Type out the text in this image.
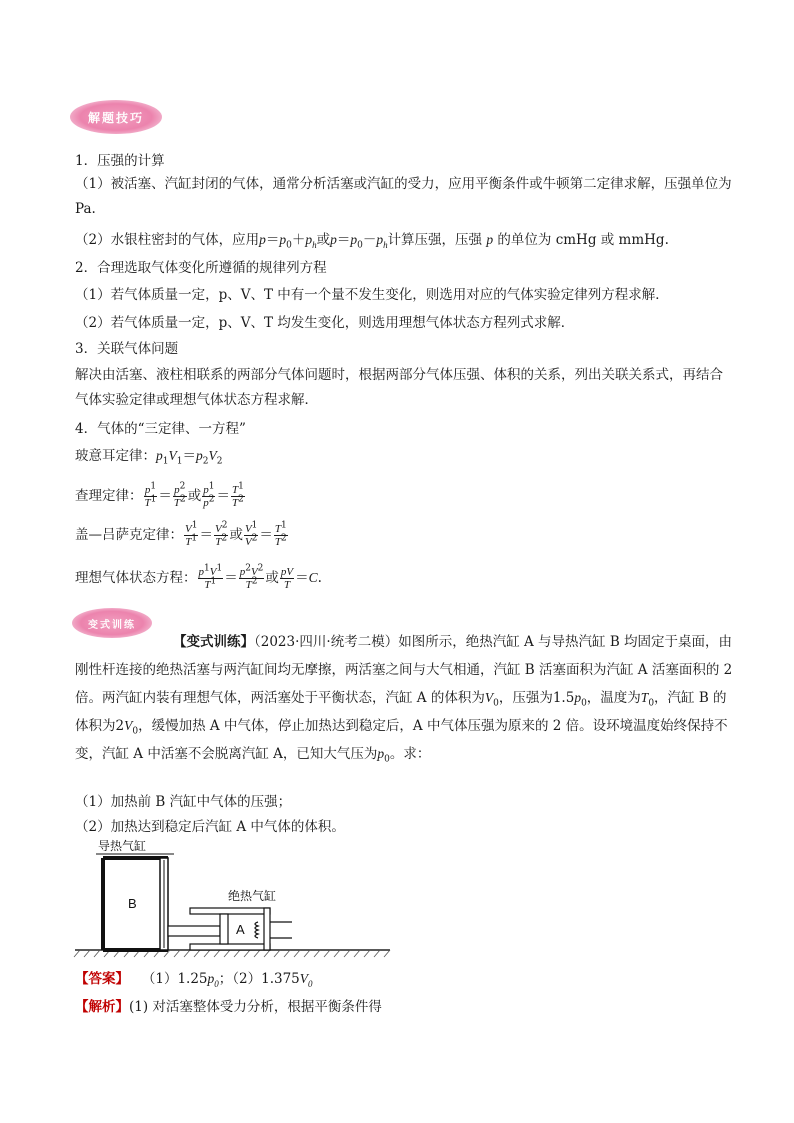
解题技巧
1．压强的计算
（1）被活塞、汽缸封闭的气体，通常分析活塞或汽缸的受力，应用平衡条件或牛顿第二定律求解，压强单位为 Pa.
（2）水银柱密封的气体，应用$p=p_0+p_h$或$p=p_0-p_h$计算压强，压强 p 的单位为 cmHg 或 mmHg.
2．合理选取气体变化所遵循的规律列方程
（1）若气体质量一定，p、V、T 中有一个量不发生变化，则选用对应的气体实验定律列方程求解．
（2）若气体质量一定，p、V、T 均发生变化，则选用理想气体状态方程列式求解．
3．关联气体问题
解决由活塞、液柱相联系的两部分气体问题时，根据两部分气体压强、体积的关系，列出关联关系式，再结合气体实验定律或理想气体状态方程求解．
4．气体的“三定律、一方程”
玻意耳定律：$p_1V_1=p_2V_2$
查理定律： $\frac{p^1}{T^1} = \frac{p^2}{T^2}$ 或 $\frac{p^1}{p^2} = \frac{T^1}{T^2}$
盖—吕萨克定律： $\frac{V^1}{T^1} = \frac{V^2}{T^2}$ 或 $\frac{V^1}{V^2} = \frac{T^1}{T^2}$
理想气体状态方程： $\frac{p^1V^1}{T^1} = \frac{p^2V^2}{T^2}$ 或 $\frac{pV}{T} =C$.
变式训练
【变式训练】（2023·四川·统考二模）如图所示，绝热汽缸 A 与导热汽缸 B 均固定于桌面，由刚性杆连接的绝热活塞与两汽缸间均无摩擦，两活塞之间与大气相通，汽缸 B 活塞面积为汽缸 A 活塞面积的 2 倍。两汽缸内装有理想气体，两活塞处于平衡状态，汽缸 A 的体积为$V_0$，压强为$1.5p_0$，温度为$T_0$，汽缸 B 的体积为$2V_0$，缓慢加热 A 中气体，停止加热达到稳定后，A 中气体压强为原来的 2 倍。设环境温度始终保持不变，汽缸 A 中活塞不会脱离汽缸 A，已知大气压为$p_0$。求：
（1）加热前 B 汽缸中气体的压强；
（2）加热达到稳定后汽缸 A 中气体的体积。
导热气缸
绝热气缸
B
A
【答案】 $(1)1.25p_0$；$(2)1.375V_0$
【解析】(1) 对活塞整体受力分析，根据平衡条件得
